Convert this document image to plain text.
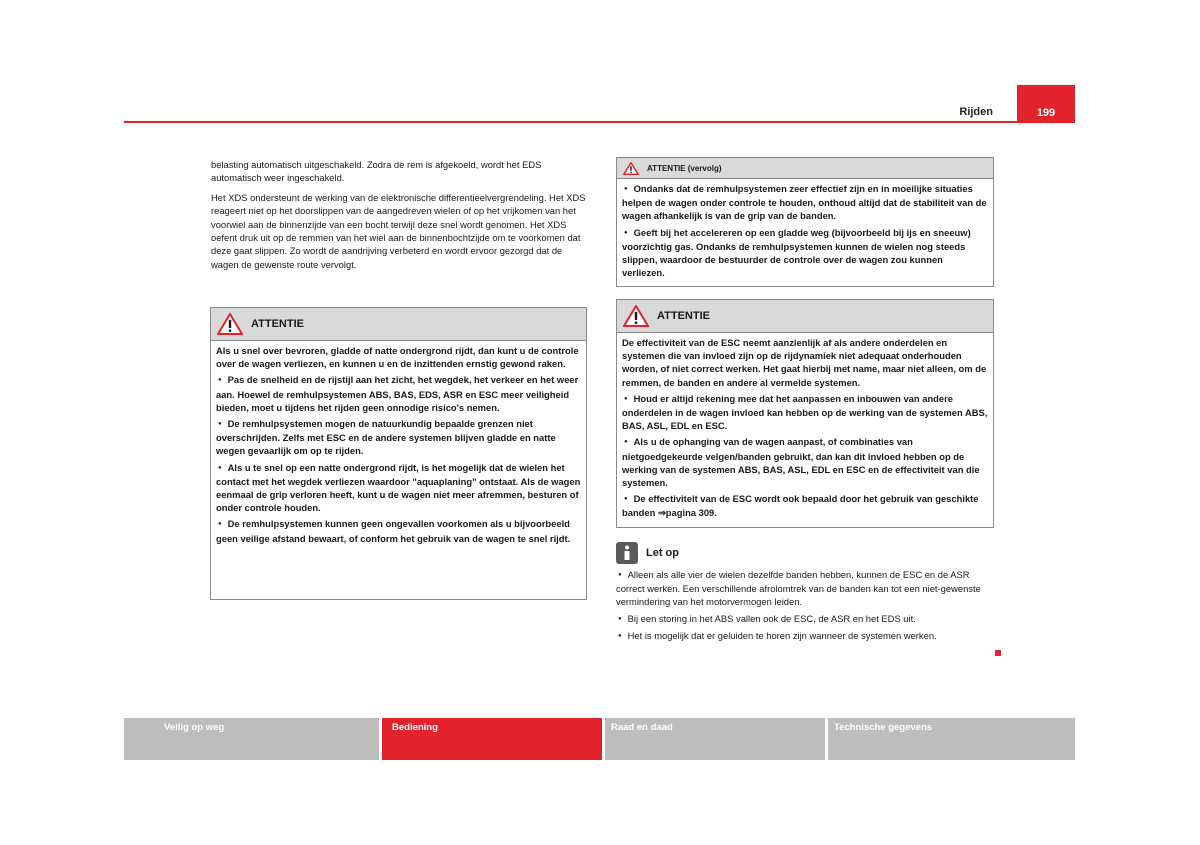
Rijden	199

belasting automatisch uitgeschakeld. Zodra de rem is afgekoeld, wordt het EDS automatisch weer ingeschakeld.

Het XDS ondersteunt de werking van de elektronische differentieelvergrendeling. Het XDS reageert niet op het doorslippen van de aangedreven wielen of op het vrijkomen van het voorwiel aan de binnenzijde van een bocht terwijl deze snel wordt genomen. Het XDS oefent druk uit op de remmen van het wiel aan de binnenbochtzijde om te voorkomen dat deze gaat slippen. Zo wordt de aandrijving verbeterd en wordt ervoor gezorgd dat de wagen de gewenste route vervolgt.

ATTENTIE

Als u snel over bevroren, gladde of natte ondergrond rijdt, dan kunt u de controle over de wagen verliezen, en kunnen u en de inzittenden ernstig gewond raken.

● Pas de snelheid en de rijstijl aan het zicht, het wegdek, het verkeer en het weer aan. Hoewel de remhulpsystemen ABS, BAS, EDS, ASR en ESC meer veiligheid bieden, moet u tijdens het rijden geen onnodige risico's nemen.

● De remhulpsystemen mogen de natuurkundig bepaalde grenzen niet overschrijden. Zelfs met ESC en de andere systemen blijven gladde en natte wegen gevaarlijk om op te rijden.

● Als u te snel op een natte ondergrond rijdt, is het mogelijk dat de wielen het contact met het wegdek verliezen waardoor "aquaplaning" ontstaat. Als de wagen eenmaal de grip verloren heeft, kunt u de wagen niet meer afremmen, besturen of onder controle houden.

● De remhulpsystemen kunnen geen ongevallen voorkomen als u bijvoorbeeld geen veilige afstand bewaart, of conform het gebruik van de wagen te snel rijdt.

ATTENTIE (vervolg)

● Ondanks dat de remhulpsystemen zeer effectief zijn en in moeilijke situaties helpen de wagen onder controle te houden, onthoud altijd dat de stabiliteit van de wagen afhankelijk is van de grip van de banden.

● Geeft bij het accelereren op een gladde weg (bijvoorbeeld bij ijs en sneeuw) voorzichtig gas. Ondanks de remhulpsystemen kunnen de wielen nog steeds slippen, waardoor de bestuurder de controle over de wagen zou kunnen verliezen.

ATTENTIE

De effectiviteit van de ESC neemt aanzienlijk af als andere onderdelen en systemen die van invloed zijn op de rijdynamiek niet adequaat onderhouden worden, of niet correct werken. Het gaat hierbij met name, maar niet alleen, om de remmen, de banden en andere al vermelde systemen.

● Houd er altijd rekening mee dat het aanpassen en inbouwen van andere onderdelen in de wagen invloed kan hebben op de werking van de systemen ABS, BAS, ASL, EDL en ESC.

● Als u de ophanging van de wagen aanpast, of combinaties van nietgoedgekeurde velgen/banden gebruikt, dan kan dit invloed hebben op de werking van de systemen ABS, BAS, ASL, EDL en ESC en de effectiviteit van die systemen.

● De effectiviteit van de ESC wordt ook bepaald door het gebruik van geschikte banden ⇒pagina 309.

Let op

● Alleen als alle vier de wielen dezelfde banden hebben, kunnen de ESC en de ASR correct werken. Een verschillende afrolomtrek van de banden kan tot een niet-gewenste vermindering van het motorvermogen leiden.

● Bij een storing in het ABS vallen ook de ESC, de ASR en het EDS uit.

● Het is mogelijk dat er geluiden te horen zijn wanneer de systemen werken.

Veilig op weg	Bediening	Raad en daad	Technische gegevens
